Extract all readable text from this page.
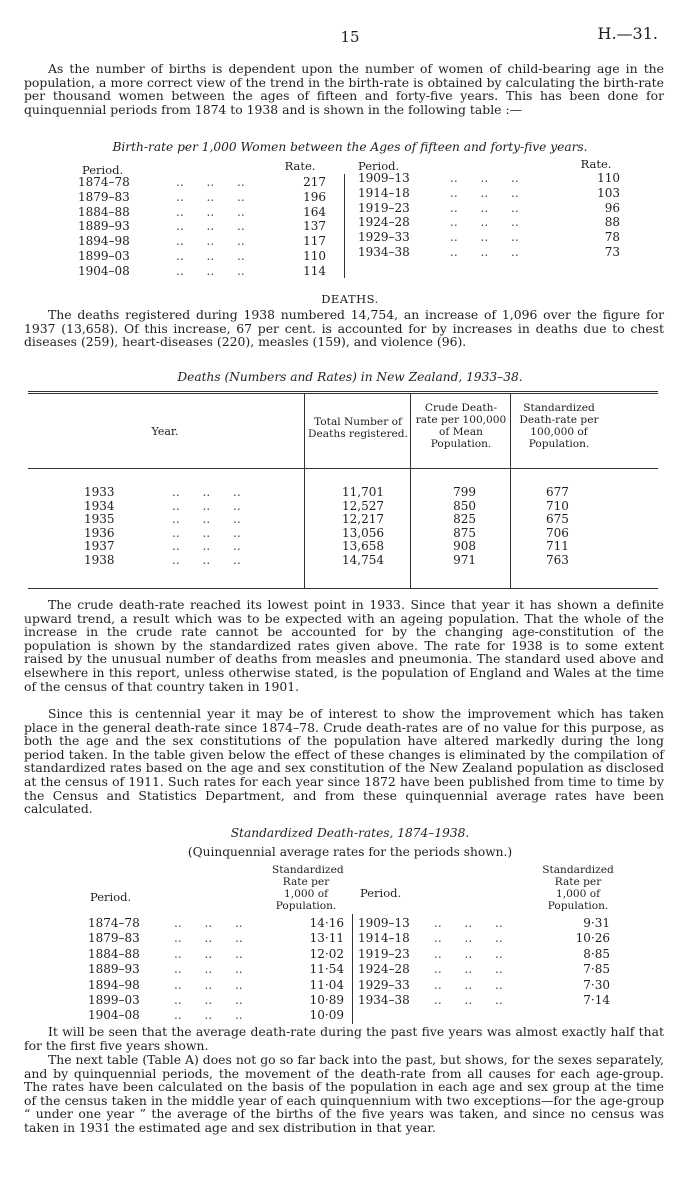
15	H.—31.

As the number of births is dependent upon the number of women of child-bearing age in the population, a more correct view of the trend in the birth-rate is obtained by calculating the birth-rate per thousand women between the ages of fifteen and forty-five years. This has been done for quinquennial periods from 1874 to 1938 and is shown in the following table :—

Birth-rate per 1,000 Women between the Ages of fifteen and forty-five years.
Period.	Rate.	Period.	Rate.
1874–78	..      ..      ..	217
1879–83	..      ..      ..	196
1884–88	..      ..      ..	164
1889–93	..      ..      ..	137
1894–98	..      ..      ..	117
1899–03	..      ..      ..	110
1904–08	..      ..      ..	114
1909–13	..      ..      ..	110
1914–18	..      ..      ..	103
1919–23	..      ..      ..	96
1924–28	..      ..      ..	88
1929–33	..      ..      ..	78
1934–38	..      ..      ..	73
DEATHS.

The deaths registered during 1938 numbered 14,754, an increase of 1,096 over the figure for 1937 (13,658). Of this increase, 67 per cent. is accounted for by increases in deaths due to chest diseases (259), heart-diseases (220), measles (159), and violence (96).

Deaths (Numbers and Rates) in New Zealand, 1933–38.
Year.
Total Number of Deaths registered.
Crude Death-rate per 100,000 of Mean Population.
Standardized Death-rate per 100,000 of Population.
1933	..      ..      ..	11,701	799	677
1934	..      ..      ..	12,527	850	710
1935	..      ..      ..	12,217	825	675
1936	..      ..      ..	13,056	875	706
1937	..      ..      ..	13,658	908	711
1938	..      ..      ..	14,754	971	763

The crude death-rate reached its lowest point in 1933. Since that year it has shown a definite upward trend, a result which was to be expected with an ageing population. That the whole of the increase in the crude rate cannot be accounted for by the changing age-constitution of the population is shown by the standardized rates given above. The rate for 1938 is to some extent raised by the unusual number of deaths from measles and pneumonia. The standard used above and elsewhere in this report, unless otherwise stated, is the population of England and Wales at the time of the census of that country taken in 1901.

Since this is centennial year it may be of interest to show the improvement which has taken place in the general death-rate since 1874–78. Crude death-rates are of no value for this purpose, as both the age and the sex constitutions of the population have altered markedly during the long period taken. In the table given below the effect of these changes is eliminated by the compilation of standardized rates based on the age and sex constitution of the New Zealand population as disclosed at the census of 1911. Such rates for each year since 1872 have been published from time to time by the Census and Statistics Department, and from these quinquennial average rates have been calculated.

Standardized Death-rates, 1874–1938.
(Quinquennial average rates for the periods shown.)
Period.
Standardized Rate per 1,000 of Population.
Period.
Standardized Rate per 1,000 of Population.
1874–78	..      ..      ..	14·16
1879–83	..      ..      ..	13·11
1884–88	..      ..      ..	12·02
1889–93	..      ..      ..	11·54
1894–98	..      ..      ..	11·04
1899–03	..      ..      ..	10·89
1904–08	..      ..      ..	10·09
1909–13 ..      ..      ..	9·31
1914–18 ..      ..      ..	10·26
1919–23 ..      ..      ..	8·85
1924–28 ..      ..      ..	7·85
1929–33 ..      ..      ..	7·30
1934–38 ..      ..      ..	7·14

It will be seen that the average death-rate during the past five years was almost exactly half that for the first five years shown.

The next table (Table A) does not go so far back into the past, but shows, for the sexes separately, and by quinquennial periods, the movement of the death-rate from all causes for each age-group. The rates have been calculated on the basis of the population in each age and sex group at the time of the census taken in the middle year of each quinquennium with two exceptions—for the age-group “ under one year ” the average of the births of the five years was taken, and since no census was taken in 1931 the estimated age and sex distribution in that year.
